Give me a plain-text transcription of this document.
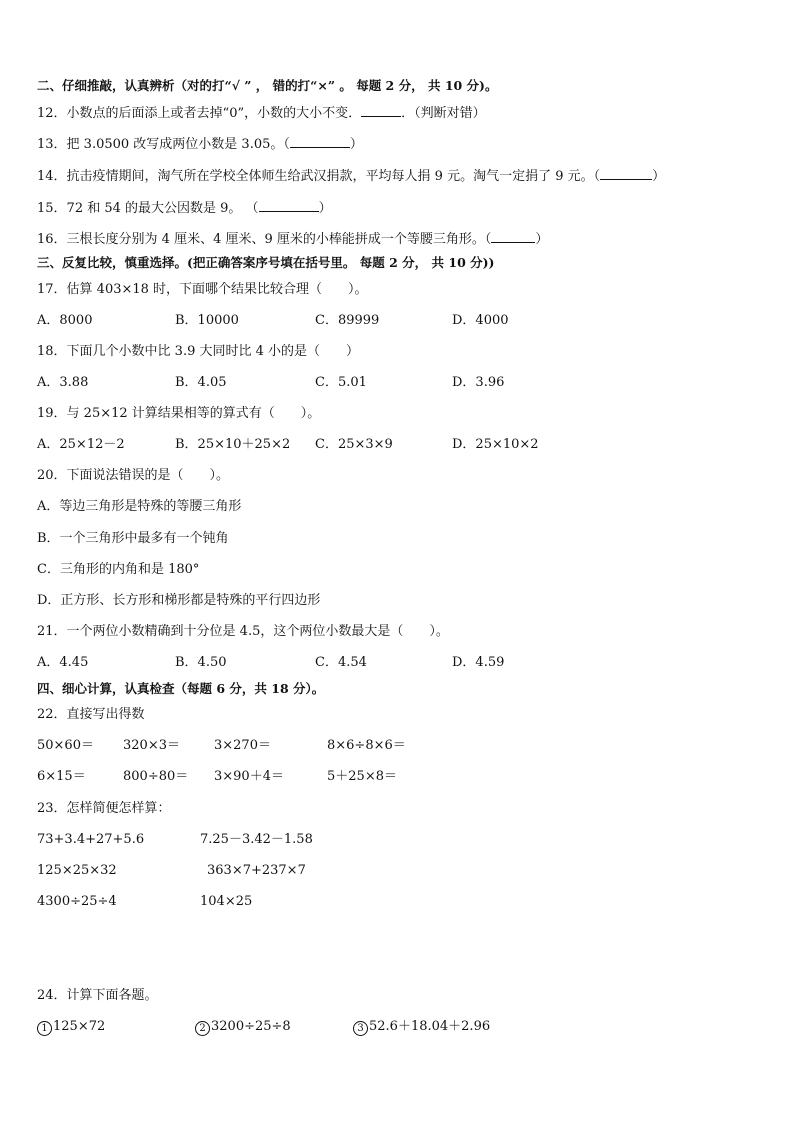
二、仔细推敲，认真辨析（对的打“√ ” ， 错的打“×” 。 每题 2 分， 共 10 分)。
12．小数点的后面添上或者去掉“0”，小数的大小不变．	．（判断对错）
13．把 3.0500 改写成两位小数是 3.05。（	）
14．抗击疫情期间，淘气所在学校全体师生给武汉捐款，平均每人捐 9 元。淘气一定捐了 9 元。（	）
15．72 和 54 的最大公因数是 9。 （	）
16．三根长度分别为 4 厘米、4 厘米、9 厘米的小棒能拼成一个等腰三角形。（	）
三、反复比较，慎重选择。(把正确答案序号填在括号里。 每题 2 分， 共 10 分))
17．估算 403×18 时，下面哪个结果比较合理（　　）。
A．8000	B．10000	C．89999	D．4000
18．下面几个小数中比 3.9 大同时比 4 小的是（　　）
A．3.88	B．4.05	C．5.01	D．3.96
19．与 25×12 计算结果相等的算式有（　　）。
A．25×12－2	B．25×10＋25×2 C．25×3×9	D．25×10×2
20．下面说法错误的是（　　）。
A．等边三角形是特殊的等腰三角形
B．一个三角形中最多有一个钝角
C．三角形的内角和是 180°
D．正方形、长方形和梯形都是特殊的平行四边形
21．一个两位小数精确到十分位是 4.5，这个两位小数最大是（　　）。
A．4.45	B．4.50	C．4.54	D．4.59
四、细心计算，认真检查（每题 6 分，共 18 分）。
22．直接写出得数
50×60＝ 320×3＝	3×270＝	8×6÷8×6＝
6×15＝	800÷80＝ 3×90＋4＝	5＋25×8＝
23．怎样简便怎样算：
73+3.4+27+5.6	7.25－3.42－1.58
125×25×32	363×7+237×7
4300÷25÷4	104×25
24．计算下面各题。
1 125×72	2 3200÷25÷8	3 52.6＋18.04＋2.96
